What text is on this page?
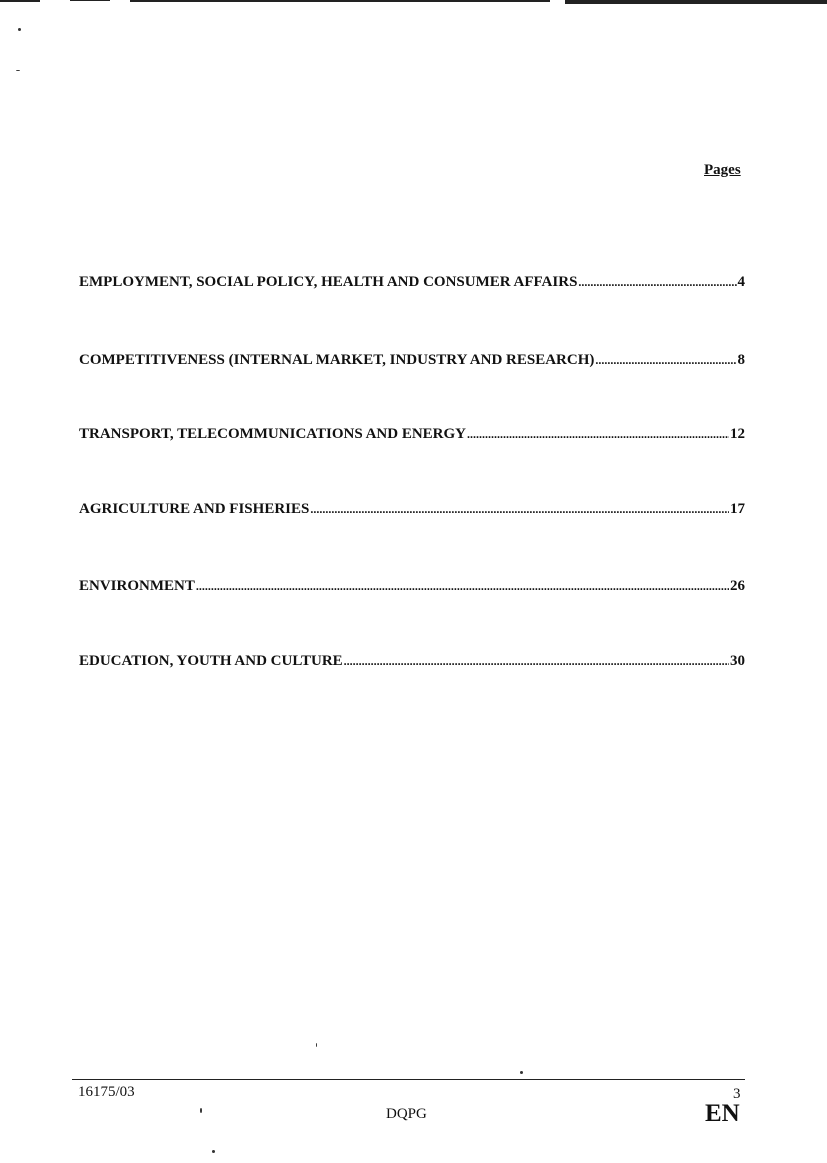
Pages
EMPLOYMENT, SOCIAL POLICY, HEALTH AND CONSUMER AFFAIRS .....	4
COMPETITIVENESS (INTERNAL MARKET, INDUSTRY AND RESEARCH) .....	8
TRANSPORT, TELECOMMUNICATIONS AND ENERGY .....	12
AGRICULTURE AND FISHERIES .....	17
ENVIRONMENT .....	26
EDUCATION, YOUTH AND CULTURE .....	30
16175/03	3
DQPG	EN
